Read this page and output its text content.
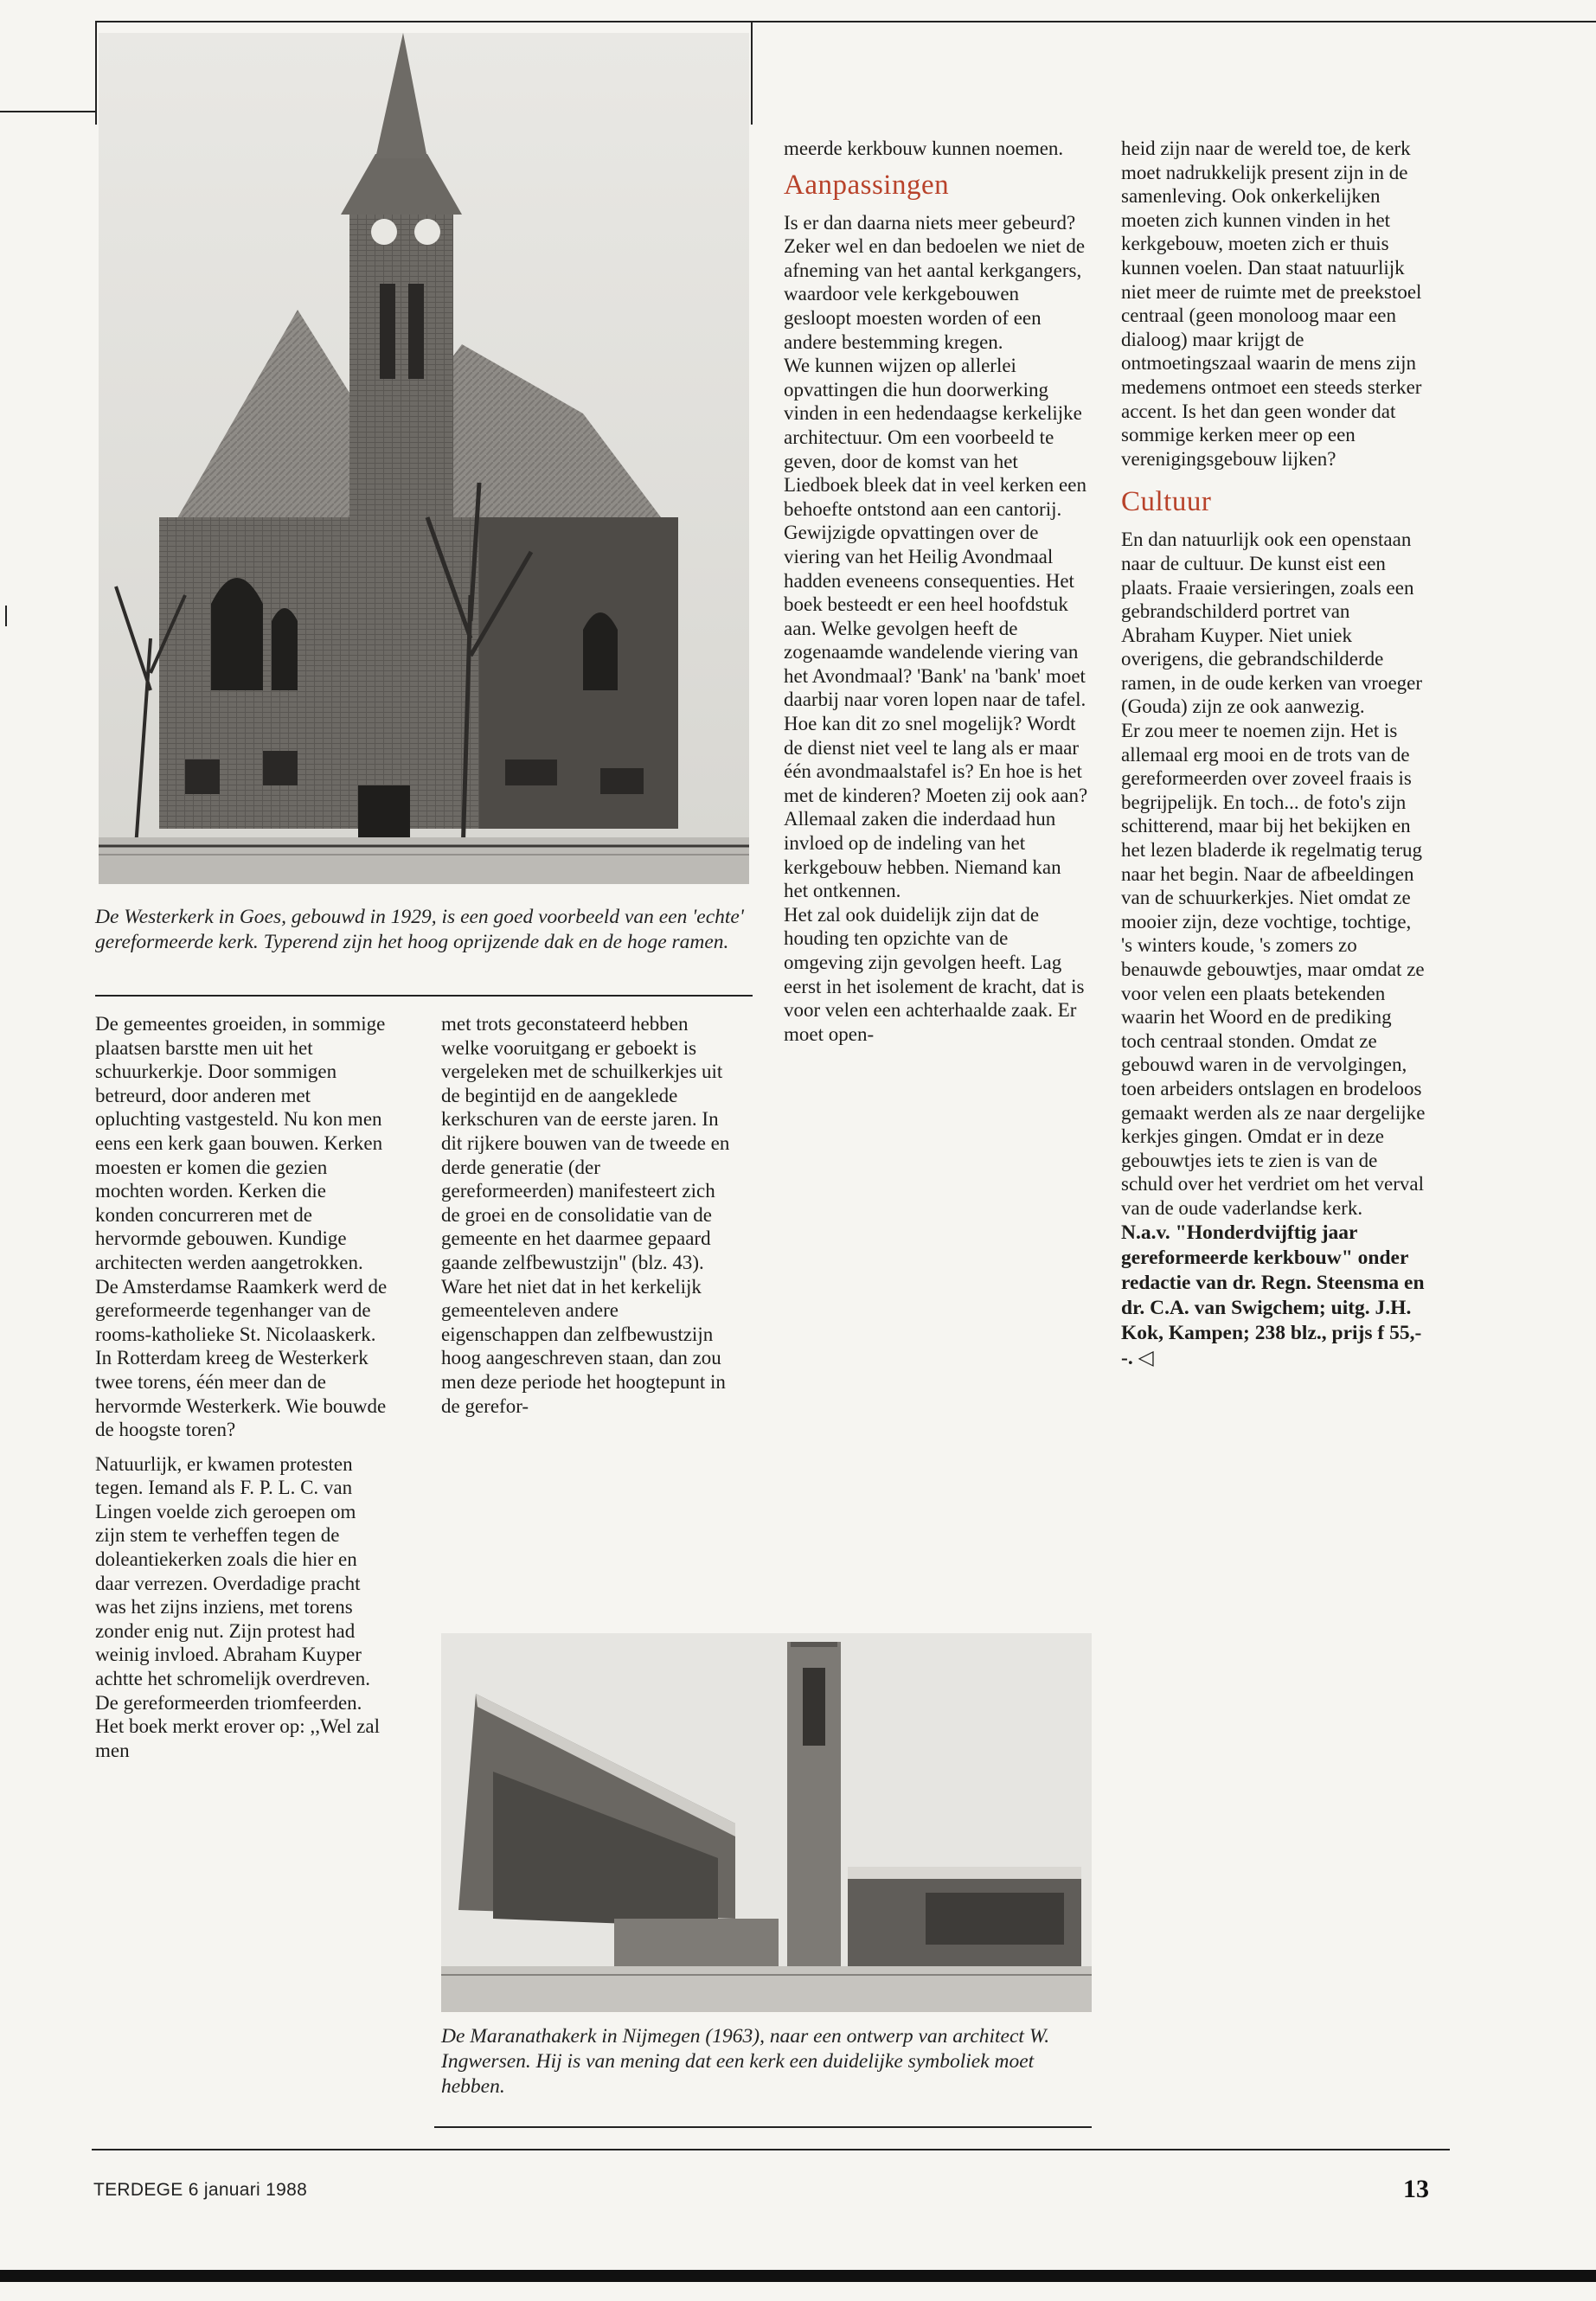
De Westerkerk in Goes, gebouwd in 1929, is een goed voorbeeld van een 'echte' gereformeerde kerk. Typerend zijn het hoog oprijzende dak en de hoge ramen.

De Maranathakerk in Nijmegen (1963), naar een ontwerp van architect W. Ingwersen. Hij is van mening dat een kerk een duidelijke symboliek moet hebben.

De gemeentes groeiden, in sommige plaatsen barstte men uit het schuurkerkje. Door sommigen betreurd, door anderen met opluchting vastgesteld. Nu kon men eens een kerk gaan bouwen. Kerken moesten er komen die gezien mochten worden. Kerken die konden concurreren met de hervormde gebouwen. Kundige architecten werden aangetrokken. De Amsterdamse Raamkerk werd de gereformeerde tegenhanger van de rooms-katholieke St. Nicolaaskerk. In Rotterdam kreeg de Westerkerk twee torens, één meer dan de hervormde Westerkerk. Wie bouwde de hoogste toren?

Natuurlijk, er kwamen protesten tegen. Iemand als F. P. L. C. van Lingen voelde zich geroepen om zijn stem te verheffen tegen de doleantiekerken zoals die hier en daar verrezen. Overdadige pracht was het zijns inziens, met torens zonder enig nut. Zijn protest had weinig invloed. Abraham Kuyper achtte het schromelijk overdreven.

De gereformeerden triomfeerden. Het boek merkt erover op: ,,Wel zal men

met trots geconstateerd hebben welke vooruitgang er geboekt is vergeleken met de schuilkerkjes uit de begintijd en de aangeklede kerkschuren van de eerste jaren. In dit rijkere bouwen van de tweede en derde generatie (der gereformeerden) manifesteert zich de groei en de consolidatie van de gemeente en het daarmee gepaard gaande zelfbewustzijn" (blz. 43). Ware het niet dat in het kerkelijk gemeenteleven andere eigenschappen dan zelfbewustzijn hoog aangeschreven staan, dan zou men deze periode het hoogtepunt in de gerefor-

meerde kerkbouw kunnen noemen.

Aanpassingen

Is er dan daarna niets meer gebeurd? Zeker wel en dan bedoelen we niet de afneming van het aantal kerkgangers, waardoor vele kerkgebouwen gesloopt moesten worden of een andere bestemming kregen.

We kunnen wijzen op allerlei opvattingen die hun doorwerking vinden in een hedendaagse kerkelijke architectuur. Om een voorbeeld te geven, door de komst van het Liedboek bleek dat in veel kerken een behoefte ontstond aan een cantorij. Gewijzigde opvattingen over de viering van het Heilig Avondmaal hadden eveneens consequenties. Het boek besteedt er een heel hoofdstuk aan. Welke gevolgen heeft de zogenaamde wandelende viering van het Avondmaal? 'Bank' na 'bank' moet daarbij naar voren lopen naar de tafel. Hoe kan dit zo snel mogelijk? Wordt de dienst niet veel te lang als er maar één avondmaalstafel is? En hoe is het met de kinderen? Moeten zij ook aan? Allemaal zaken die inderdaad hun invloed op de indeling van het kerkgebouw hebben. Niemand kan het ontkennen.

Het zal ook duidelijk zijn dat de houding ten opzichte van de omgeving zijn gevolgen heeft. Lag eerst in het isolement de kracht, dat is voor velen een achterhaalde zaak. Er moet open-

heid zijn naar de wereld toe, de kerk moet nadrukkelijk present zijn in de samenleving. Ook onkerkelijken moeten zich kunnen vinden in het kerkgebouw, moeten zich er thuis kunnen voelen. Dan staat natuurlijk niet meer de ruimte met de preekstoel centraal (geen monoloog maar een dialoog) maar krijgt de ontmoetingszaal waarin de mens zijn medemens ontmoet een steeds sterker accent. Is het dan geen wonder dat sommige kerken meer op een verenigingsgebouw lijken?

Cultuur

En dan natuurlijk ook een openstaan naar de cultuur. De kunst eist een plaats. Fraaie versieringen, zoals een gebrandschilderd portret van Abraham Kuyper. Niet uniek overigens, die gebrandschilderde ramen, in de oude kerken van vroeger (Gouda) zijn ze ook aanwezig.

Er zou meer te noemen zijn. Het is allemaal erg mooi en de trots van de gereformeerden over zoveel fraais is begrijpelijk. En toch... de foto's zijn schitterend, maar bij het bekijken en het lezen bladerde ik regelmatig terug naar het begin. Naar de afbeeldingen van de schuurkerkjes. Niet omdat ze mooier zijn, deze vochtige, tochtige, 's winters koude, 's zomers zo benauwde gebouwtjes, maar omdat ze voor velen een plaats betekenden waarin het Woord en de prediking toch centraal stonden. Omdat ze gebouwd waren in de vervolgingen, toen arbeiders ontslagen en brodeloos gemaakt werden als ze naar dergelijke kerkjes gingen. Omdat er in deze gebouwtjes iets te zien is van de schuld over het verdriet om het verval van de oude vaderlandse kerk.

N.a.v. "Honderdvijftig jaar gereformeerde kerkbouw" onder redactie van dr. Regn. Steensma en dr. C.A. van Swigchem; uitg. J.H. Kok, Kampen; 238 blz., prijs f 55,--. ◁

TERDEGE 6 januari 1988	13
